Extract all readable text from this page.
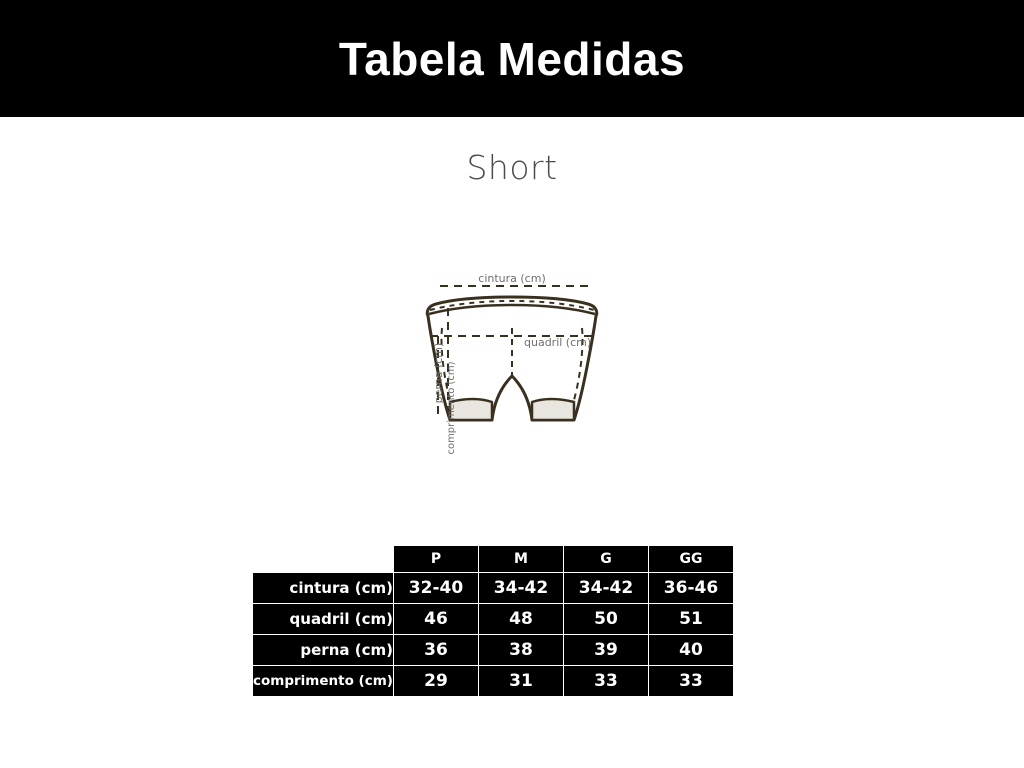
Tabela Medidas
Short
cintura (cm)
quadril (cm)
perna (cm) comprimento (cm)
	P	M	G	GG
cintura (cm)	32-40	34-42	34-42	36-46
quadril (cm)	46	48	50	51
perna (cm)	36	38	39	40
comprimento (cm)	29	31	33	33
